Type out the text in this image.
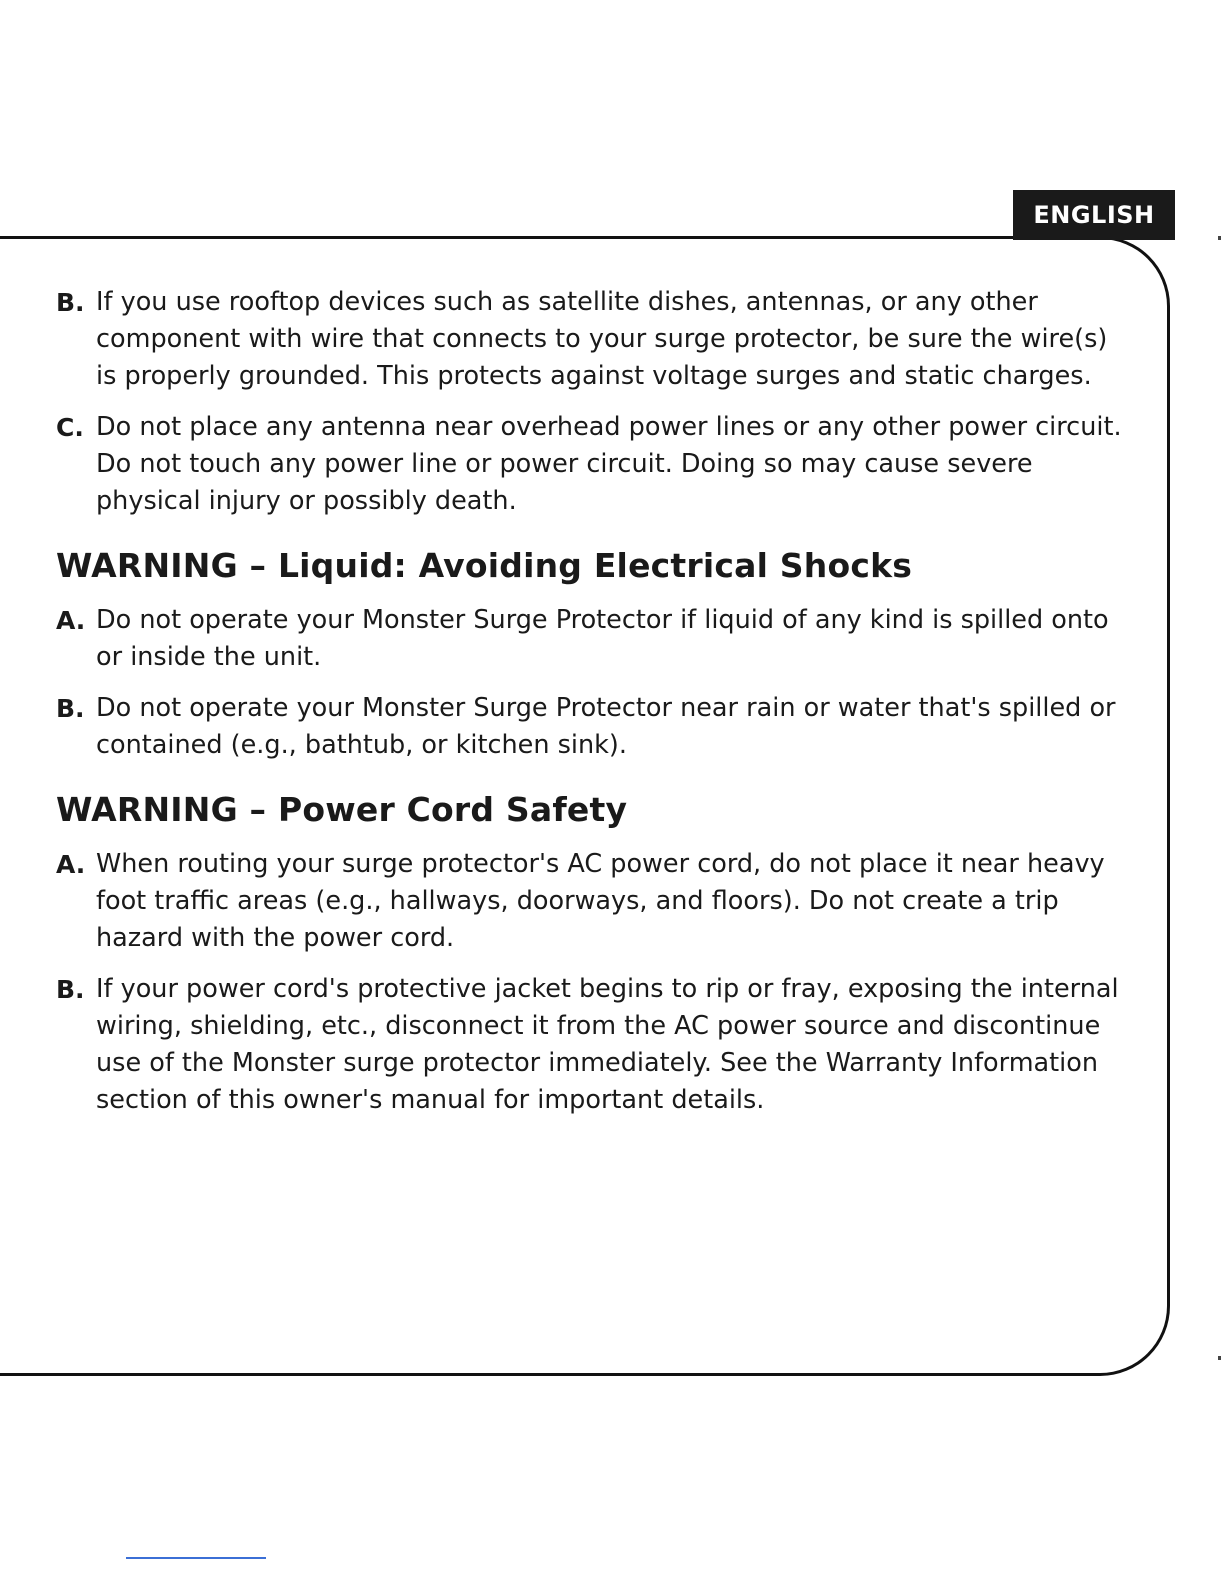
ENGLISH
B. If you use rooftop devices such as satellite dishes, antennas, or any other component with wire that connects to your surge protector, be sure the wire(s) is properly grounded. This protects against voltage surges and static charges.
C. Do not place any antenna near overhead power lines or any other power circuit. Do not touch any power line or power circuit. Doing so may cause severe physical injury or possibly death.
WARNING – Liquid: Avoiding Electrical Shocks
A. Do not operate your Monster Surge Protector if liquid of any kind is spilled onto or inside the unit.
B. Do not operate your Monster Surge Protector near rain or water that's spilled or contained (e.g., bathtub, or kitchen sink).
WARNING – Power Cord Safety
A. When routing your surge protector's AC power cord, do not place it near heavy foot traffic areas (e.g., hallways, doorways, and floors). Do not create a trip hazard with the power cord.
B. If your power cord's protective jacket begins to rip or fray, exposing the internal wiring, shielding, etc., disconnect it from the AC power source and discontinue use of the Monster surge protector immediately. See the Warranty Information section of this owner's manual for important details.
